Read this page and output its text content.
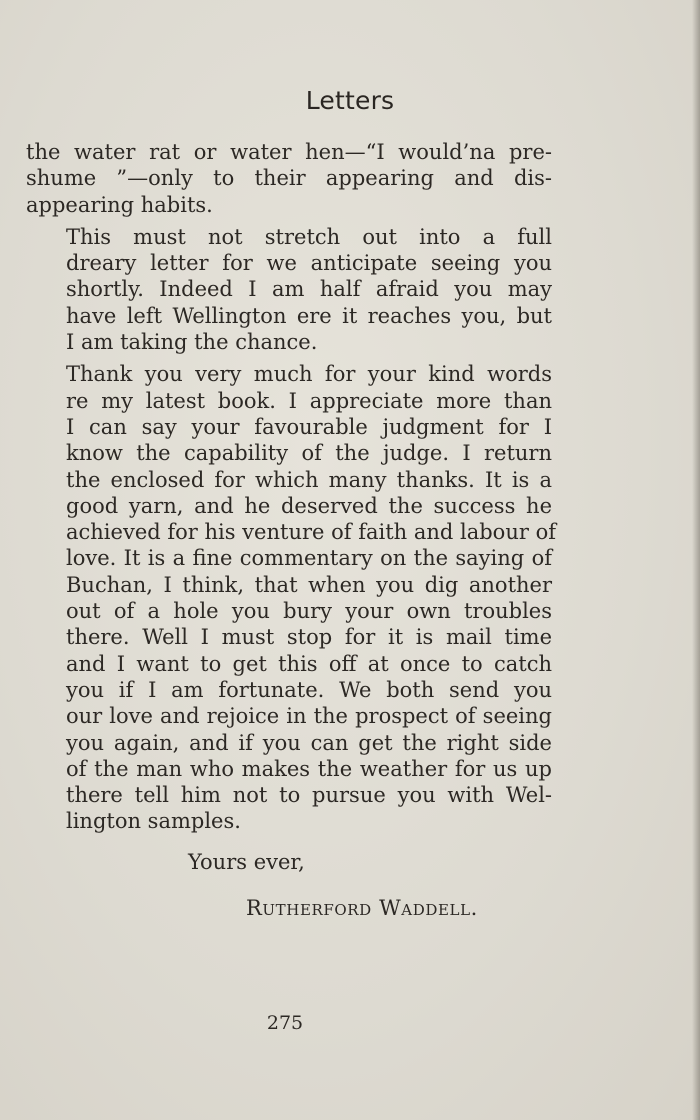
Letters

the water rat or water hen—“I would’na pre-
shume ”—only to their appearing and dis-
appearing habits.

This must not stretch out into a full
dreary letter for we anticipate seeing you
shortly. Indeed I am half afraid you may
have left Wellington ere it reaches you, but
I am taking the chance.

Thank you very much for your kind words
re my latest book. I appreciate more than
I can say your favourable judgment for I
know the capability of the judge. I return
the enclosed for which many thanks. It is a
good yarn, and he deserved the success he
achieved for his venture of faith and labour of
love. It is a fine commentary on the saying of
Buchan, I think, that when you dig another
out of a hole you bury your own troubles
there. Well I must stop for it is mail time
and I want to get this off at once to catch
you if I am fortunate. We both send you
our love and rejoice in the prospect of seeing
you again, and if you can get the right side
of the man who makes the weather for us up
there tell him not to pursue you with Wel-
lington samples.

Yours ever,
Rutherford Waddell.
275
